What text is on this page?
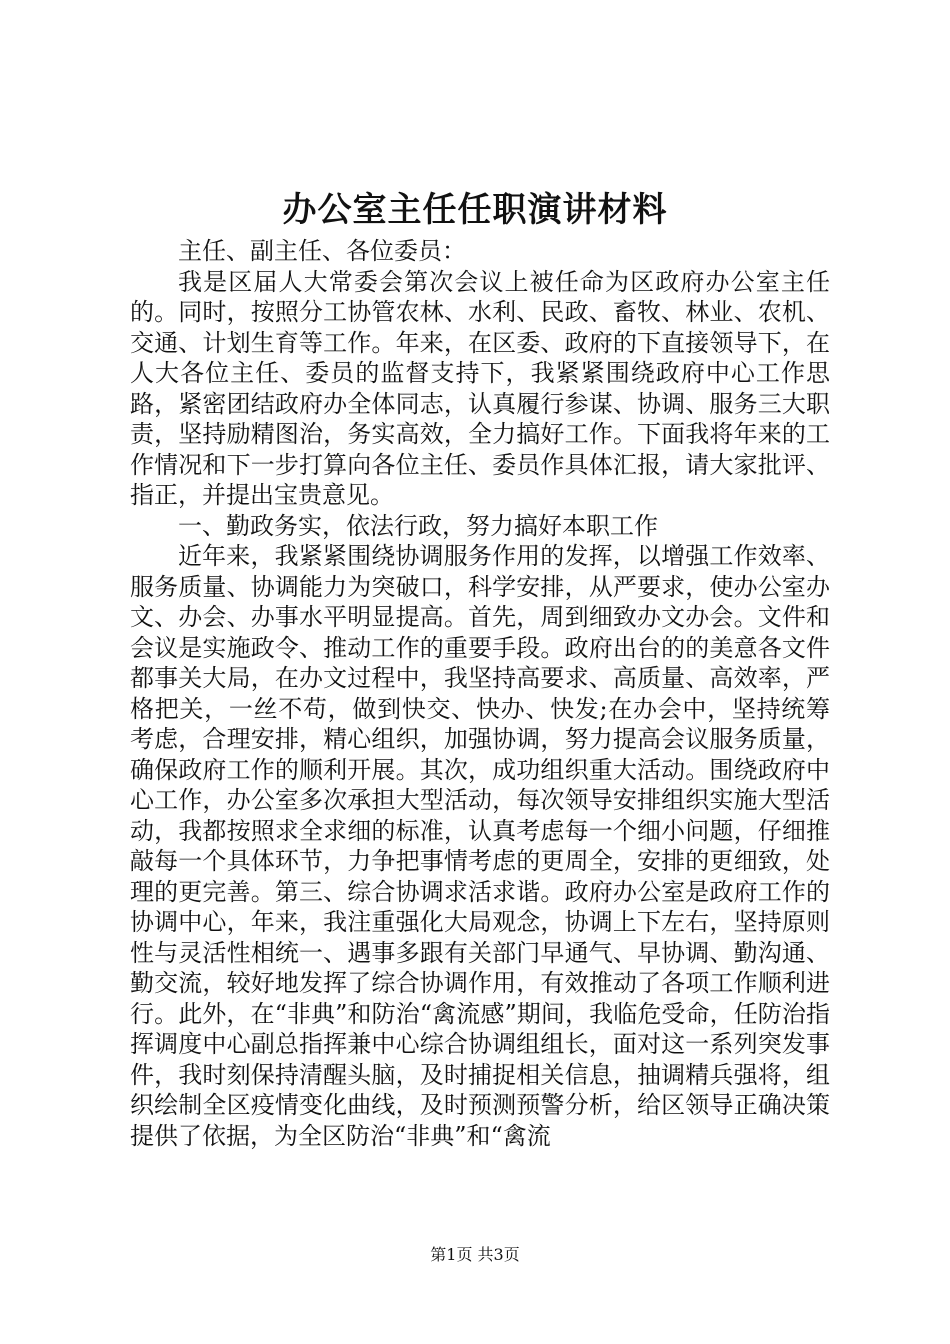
办公室主任任职演讲材料

主任、副主任、各位委员：

我是区届人大常委会第次会议上被任命为区政府办公室主任的。同时，按照分工协管农林、水利、民政、畜牧、林业、农机、交通、计划生育等工作。年来，在区委、政府的下直接领导下，在人大各位主任、委员的监督支持下，我紧紧围绕政府中心工作思路，紧密团结政府办全体同志，认真履行参谋、协调、服务三大职责，坚持励精图治，务实高效，全力搞好工作。下面我将年来的工作情况和下一步打算向各位主任、委员作具体汇报，请大家批评、指正，并提出宝贵意见。

一、勤政务实，依法行政，努力搞好本职工作

近年来，我紧紧围绕协调服务作用的发挥，以增强工作效率、服务质量、协调能力为突破口，科学安排，从严要求，使办公室办文、办会、办事水平明显提高。首先，周到细致办文办会。文件和会议是实施政令、推动工作的重要手段。政府出台的的美意各文件都事关大局，在办文过程中，我坚持高要求、高质量、高效率，严格把关，一丝不苟，做到快交、快办、快发;在办会中，坚持统筹考虑，合理安排，精心组织，加强协调，努力提高会议服务质量，确保政府工作的顺利开展。其次，成功组织重大活动。围绕政府中心工作，办公室多次承担大型活动，每次领导安排组织实施大型活动，我都按照求全求细的标准，认真考虑每一个细小问题，仔细推敲每一个具体环节，力争把事情考虑的更周全，安排的更细致，处理的更完善。第三、综合协调求活求谐。政府办公室是政府工作的协调中心，年来，我注重强化大局观念，协调上下左右，坚持原则性与灵活性相统一、遇事多跟有关部门早通气、早协调、勤沟通、勤交流，较好地发挥了综合协调作用，有效推动了各项工作顺利进行。此外，在“非典”和防治“禽流感”期间，我临危受命，任防治指挥调度中心副总指挥兼中心综合协调组组长，面对这一系列突发事件，我时刻保持清醒头脑，及时捕捉相关信息，抽调精兵强将，组织绘制全区疫情变化曲线，及时预测预警分析，给区领导正确决策提供了依据，为全区防治“非典”和“禽流

第1页 共3页
